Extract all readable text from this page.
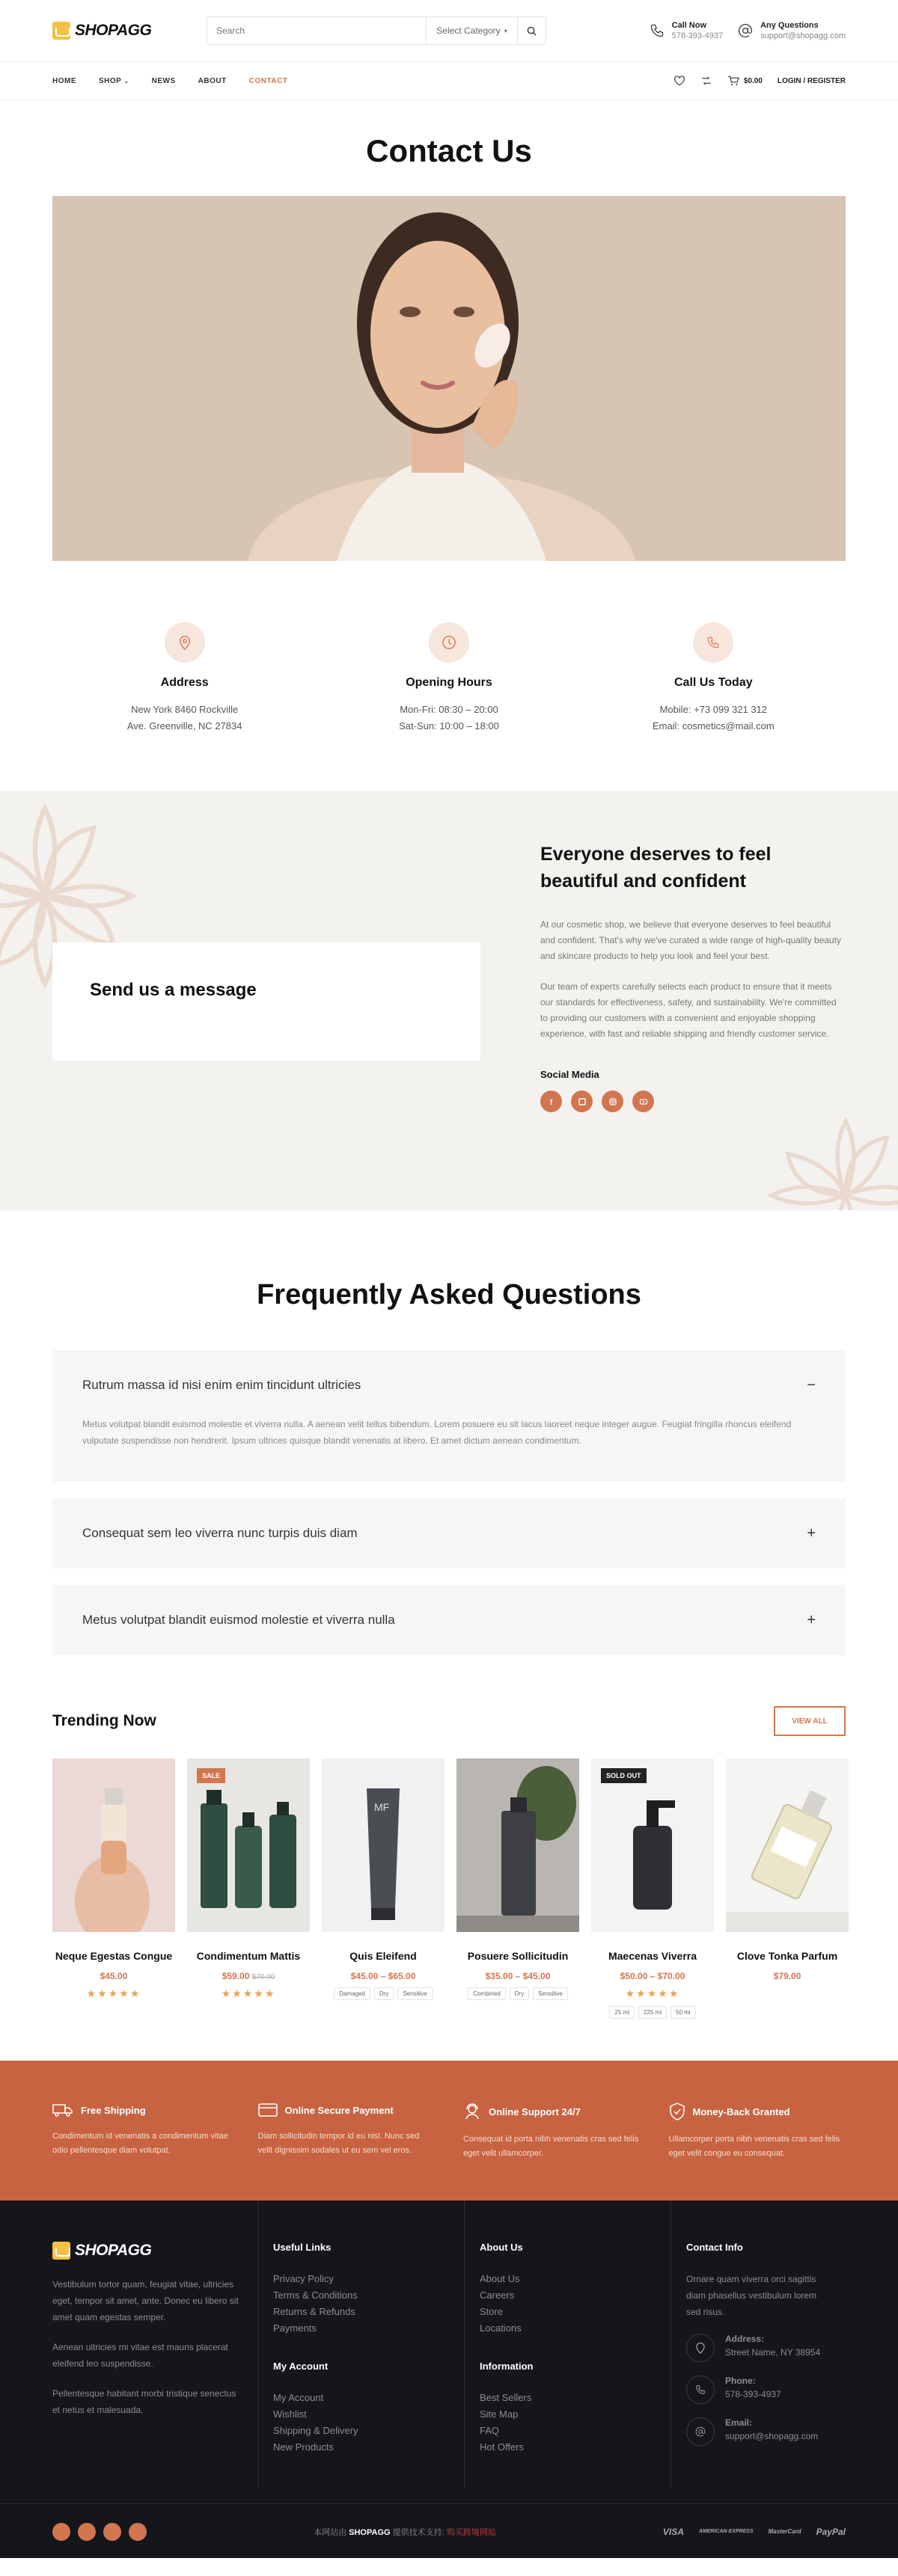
SHOPAGG
Search	Select Category ▾
Call Now
578-393-4937
Any Questions
support@shopagg.com
HOME	SHOP ⌄	NEWS	ABOUT	CONTACT	$0.00 LOGIN / REGISTER
Contact Us
Address
New York 8460 Rockville
Ave. Greenville, NC 27834
Opening Hours
Mon-Fri: 08:30 – 20:00
Sat-Sun: 10:00 – 18:00
Call Us Today
Mobile: +73 099 321 312
Email: cosmetics@mail.com
Send us a message
Everyone deserves to feel beautiful and confident

At our cosmetic shop, we believe that everyone deserves to feel beautiful and confident. That's why we've curated a wide range of high-quality beauty and skincare products to help you look and feel your best.

Our team of experts carefully selects each product to ensure that it meets our standards for effectiveness, safety, and sustainability. We're committed to providing our customers with a convenient and enjoyable shopping experience, with fast and reliable shipping and friendly customer service.

Social Media
f
Frequently Asked Questions
Rutrum massa id nisi enim enim tincidunt ultricies	−
Metus volutpat blandit euismod molestie et viverra nulla. A aenean velit tellus bibendum. Lorem posuere eu sit lacus laoreet neque integer augue. Feugiat fringilla rhoncus eleifend vulputate suspendisse non hendrerit. Ipsum ultrices quisque blandit venenatis at libero. Et amet dictum aenean condimentum.
Consequat sem leo viverra nunc turpis duis diam	+
Metus volutpat blandit euismod molestie et viverra nulla	+
Trending Now	VIEW ALL
Neque Egestas Congue
$45.00
★★★★★
SALE
Condimentum Mattis
$59.00 $70.00
★★★★★
MF
Quis Eleifend
$45.00 – $65.00
Damaged	Dry	Sensitive
Posuere Sollicitudin
$35.00 – $45.00
Combined	Dry	Sensitive
SOLD OUT
Maecenas Viverra
$50.00 – $70.00
★★★★★
25 ml	225 ml	50 ml
Clove Tonka Parfum
$79.00
Free Shipping
Condimentum id venenatis a condimentum vitae odio pellentesque diam volutpat.
Online Secure Payment
Diam sollicitudin tempor id eu nisl. Nunc sed velit dignissim sodales ut eu sem vel eros.
Online Support 24/7
Consequat id porta nibh venenatis cras sed felis eget velit ullamcorper.
Money-Back Granted
Ullamcorper porta nibh venenatis cras sed felis eget velit congue eu consequat.
SHOPAGG

Vestibulum tortor quam, feugiat vitae, ultricies eget, tempor sit amet, ante. Donec eu libero sit amet quam egestas semper.

Aenean ultricies mi vitae est mauris placerat eleifend leo suspendisse.

Pellentesque habitant morbi tristique senectus et netus et malesuada.

Useful Links
Privacy Policy
Terms & Conditions
Returns & Refunds
Payments
My Account
My Account
Wishlist
Shipping & Delivery
New Products
About Us
About Us
Careers
Store
Locations
Information
Best Sellers
Site Map
FAQ
Hot Offers
Contact Info

Ornare quam viverra orci sagittis diam phasellus vestibulum lorem sed risus.

Address:
Street Name, NY 38954
Phone:
578-393-4937
Email:
support@shopagg.com
本网站由 SHOPAGG 提供技术支持: 购买跨境网站	VISA	AMERICAN EXPRESS	MasterCard PayPal
